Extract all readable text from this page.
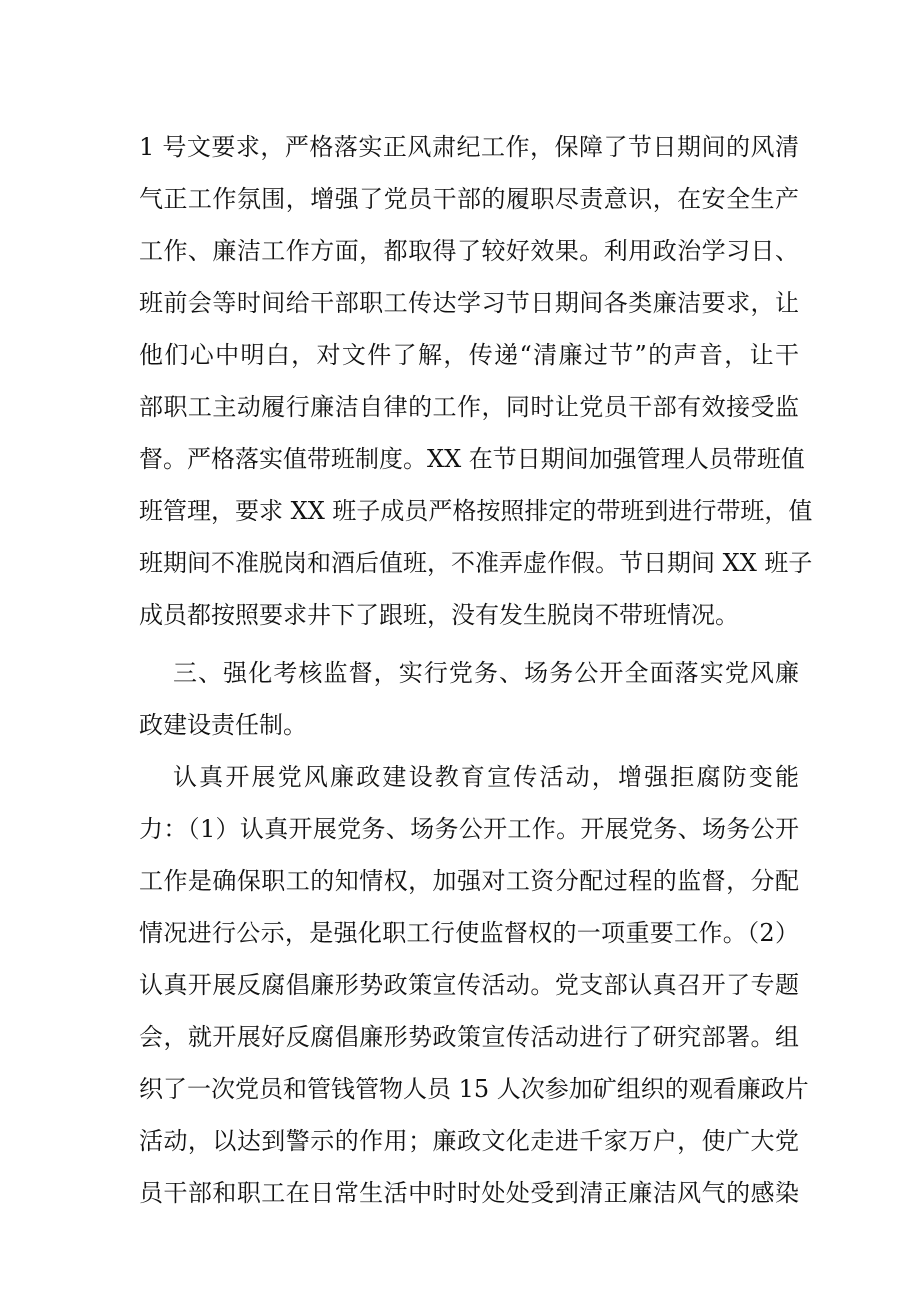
1 号文要求，严格落实正风肃纪工作，保障了节日期间的风清
气正工作氛围，增强了党员干部的履职尽责意识，在安全生产
工作、廉洁工作方面，都取得了较好效果。利用政治学习日、
班前会等时间给干部职工传达学习节日期间各类廉洁要求，让
他们心中明白，对文件了解，传递“清廉过节”的声音，让干
部职工主动履行廉洁自律的工作，同时让党员干部有效接受监
督。严格落实值带班制度。XX 在节日期间加强管理人员带班值
班管理，要求 XX 班子成员严格按照排定的带班到进行带班，值
班期间不准脱岗和酒后值班，不准弄虚作假。节日期间 XX 班子
成员都按照要求井下了跟班，没有发生脱岗不带班情况。
三、强化考核监督，实行党务、场务公开全面落实党风廉
政建设责任制。
认真开展党风廉政建设教育宣传活动，增强拒腐防变能
力：（1）认真开展党务、场务公开工作。开展党务、场务公开
工作是确保职工的知情权，加强对工资分配过程的监督，分配
情况进行公示，是强化职工行使监督权的一项重要工作。（2）
认真开展反腐倡廉形势政策宣传活动。党支部认真召开了专题
会，就开展好反腐倡廉形势政策宣传活动进行了研究部署。组
织了一次党员和管钱管物人员 15 人次参加矿组织的观看廉政片
活动，以达到警示的作用；廉政文化走进千家万户，使广大党
员干部和职工在日常生活中时时处处受到清正廉洁风气的感染
